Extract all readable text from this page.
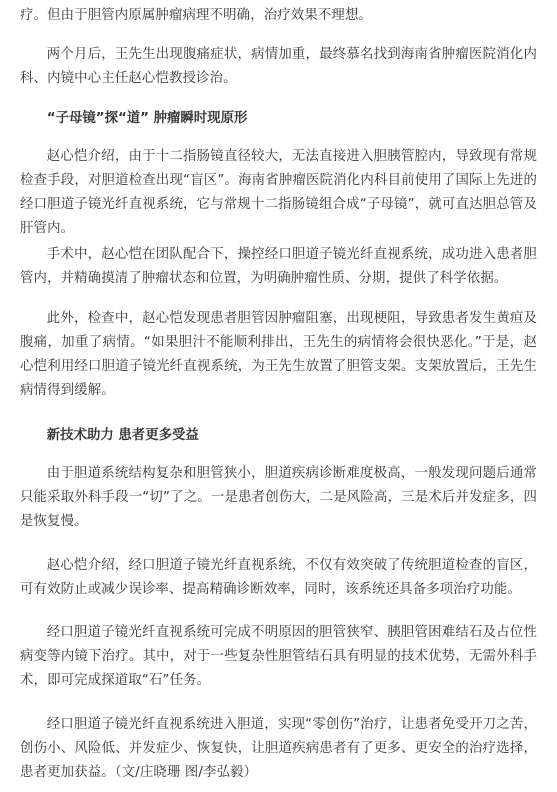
疗。但由于胆管内原属肿瘤病理不明确，治疗效果不理想。

两个月后，王先生出现腹痛症状，病情加重，最终慕名找到海南省肿瘤医院消化内科、内镜中心主任赵心恺教授诊治。

“子母镜”探“道” 肿瘤瞬时现原形

赵心恺介绍，由于十二指肠镜直径较大，无法直接进入胆胰管腔内，导致现有常规检查手段，对胆道检查出现“盲区”。海南省肿瘤医院消化内科目前使用了国际上先进的经口胆道子镜光纤直视系统，它与常规十二指肠镜组合成“子母镜”，就可直达胆总管及肝管内。

手术中，赵心恺在团队配合下，操控经口胆道子镜光纤直视系统，成功进入患者胆管内，并精确摸清了肿瘤状态和位置，为明确肿瘤性质、分期，提供了科学依据。

此外，检查中，赵心恺发现患者胆管因肿瘤阻塞，出现梗阻，导致患者发生黄疸及腹痛，加重了病情。“如果胆汁不能顺利排出，王先生的病情将会很快恶化。”于是，赵心恺利用经口胆道子镜光纤直视系统，为王先生放置了胆管支架。支架放置后，王先生病情得到缓解。

新技术助力 患者更多受益

由于胆道系统结构复杂和胆管狭小，胆道疾病诊断难度极高，一般发现问题后通常只能采取外科手段一“切”了之。一是患者创伤大，二是风险高，三是术后并发症多，四是恢复慢。

赵心恺介绍，经口胆道子镜光纤直视系统，不仅有效突破了传统胆道检查的盲区，可有效防止或减少误诊率、提高精确诊断效率，同时，该系统还具备多项治疗功能。

经口胆道子镜光纤直视系统可完成不明原因的胆管狭窄、胰胆管困难结石及占位性病变等内镜下治疗。其中，对于一些复杂性胆管结石具有明显的技术优势，无需外科手术，即可完成探道取“石”任务。

经口胆道子镜光纤直视系统进入胆道，实现“零创伤”治疗，让患者免受开刀之苦，创伤小、风险低、并发症少、恢复快，让胆道疾病患者有了更多、更安全的治疗选择，患者更加获益。（文/庄晓珊 图/李弘毅）
